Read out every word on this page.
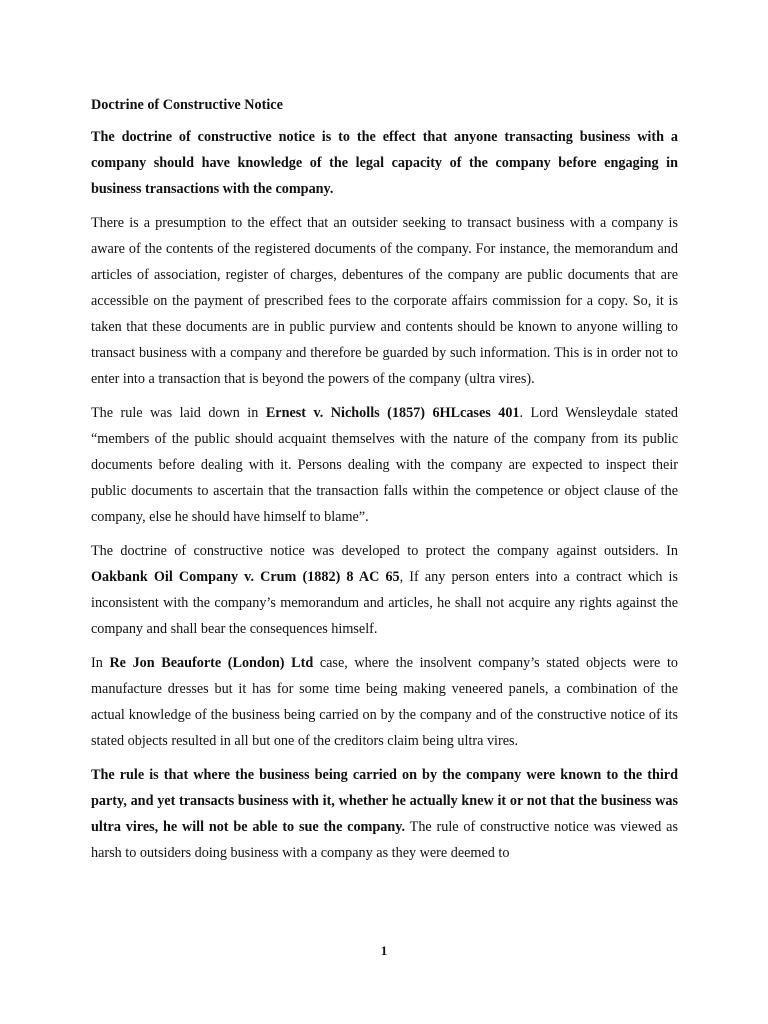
Doctrine of Constructive Notice

The doctrine of constructive notice is to the effect that anyone transacting business with a company should have knowledge of the legal capacity of the company before engaging in business transactions with the company.

There is a presumption to the effect that an outsider seeking to transact business with a company is aware of the contents of the registered documents of the company. For instance, the memorandum and articles of association, register of charges, debentures of the company are public documents that are accessible on the payment of prescribed fees to the corporate affairs commission for a copy. So, it is taken that these documents are in public purview and contents should be known to anyone willing to transact business with a company and therefore be guarded by such information. This is in order not to enter into a transaction that is beyond the powers of the company (ultra vires).

The rule was laid down in Ernest v. Nicholls (1857) 6HLcases 401. Lord Wensleydale stated “members of the public should acquaint themselves with the nature of the company from its public documents before dealing with it. Persons dealing with the company are expected to inspect their public documents to ascertain that the transaction falls within the competence or object clause of the company, else he should have himself to blame”.

The doctrine of constructive notice was developed to protect the company against outsiders. In Oakbank Oil Company v. Crum (1882) 8 AC 65, If any person enters into a contract which is inconsistent with the company’s memorandum and articles, he shall not acquire any rights against the company and shall bear the consequences himself.

In Re Jon Beauforte (London) Ltd case, where the insolvent company’s stated objects were to manufacture dresses but it has for some time being making veneered panels, a combination of the actual knowledge of the business being carried on by the company and of the constructive notice of its stated objects resulted in all but one of the creditors claim being ultra vires.

The rule is that where the business being carried on by the company were known to the third party, and yet transacts business with it, whether he actually knew it or not that the business was ultra vires, he will not be able to sue the company. The rule of constructive notice was viewed as harsh to outsiders doing business with a company as they were deemed to

1
